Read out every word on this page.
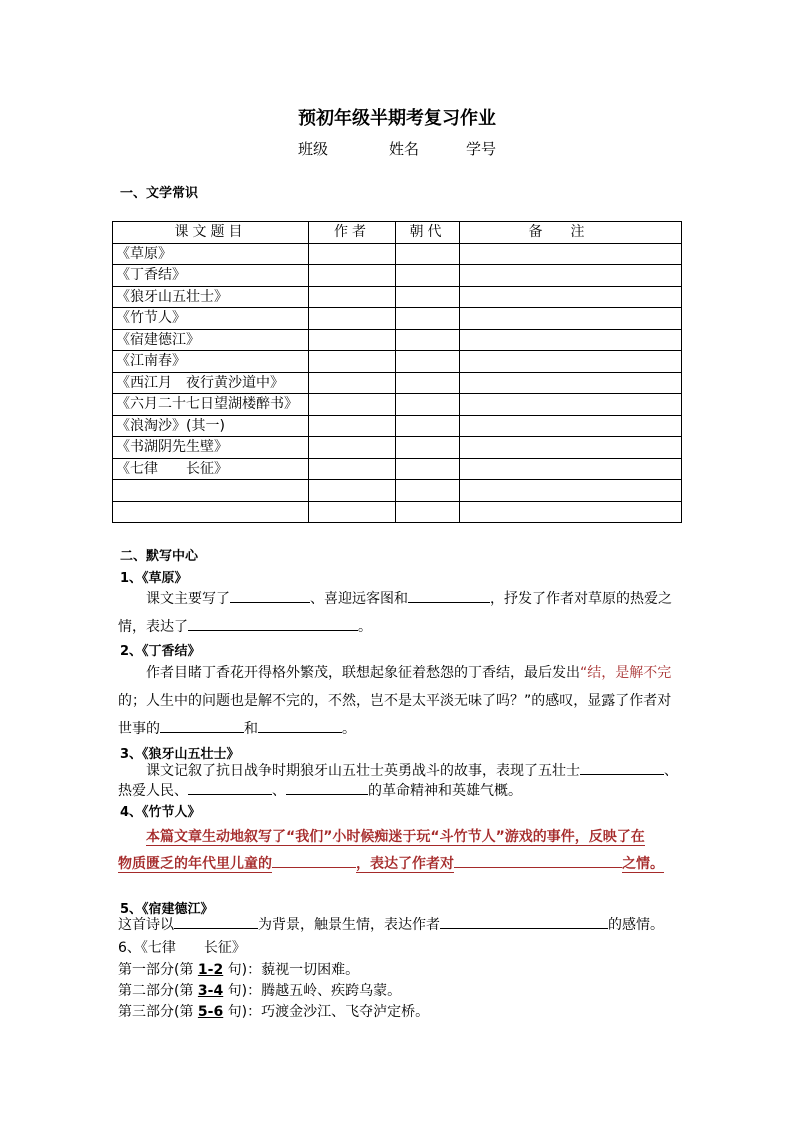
预初年级半期考复习作业
班级	姓名	学号
一、文学常识
课文题目	作者	朝代	备注
《草原》			
《丁香结》			
《狼牙山五壮士》			
《竹节人》			
《宿建德江》			
《江南春》			
《西江月　夜行黄沙道中》			
《六月二十七日望湖楼醉书》			
《浪淘沙》(其一)			
《书湖阴先生壁》			
《七律　　长征》			

二、默写中心
1、《草原》
课文主要写了	、喜迎远客图和	，抒发了作者对草原的热爱之

情，表达了	。
2、《丁香结》
作者目睹丁香花开得格外繁茂，联想起象征着愁怨的丁香结，最后发出“结，是解不完
的；人生中的问题也是解不完的，不然，岂不是太平淡无味了吗？”的感叹，显露了作者对
世事的	和	。
3、《狼牙山五壮士》
课文记叙了抗日战争时期狼牙山五壮士英勇战斗的故事，表现了五壮士	、
热爱人民、	、	的革命精神和英雄气概。
4、《竹节人》
本篇文章生动地叙写了“我们”小时候痴迷于玩“斗竹节人”游戏的事件，反映了在
物质匮乏的年代里儿童的	，表达了作者对	之情。
5、《宿建德江》
这首诗以	为背景，触景生情，表达作者	的感情。
6、《七律　　长征》
第一部分(第 1-2 句)：藐视一切困难。
第二部分(第 3-4 句)：腾越五岭、疾跨乌蒙。
第三部分(第 5-6 句)：巧渡金沙江、飞夺泸定桥。
